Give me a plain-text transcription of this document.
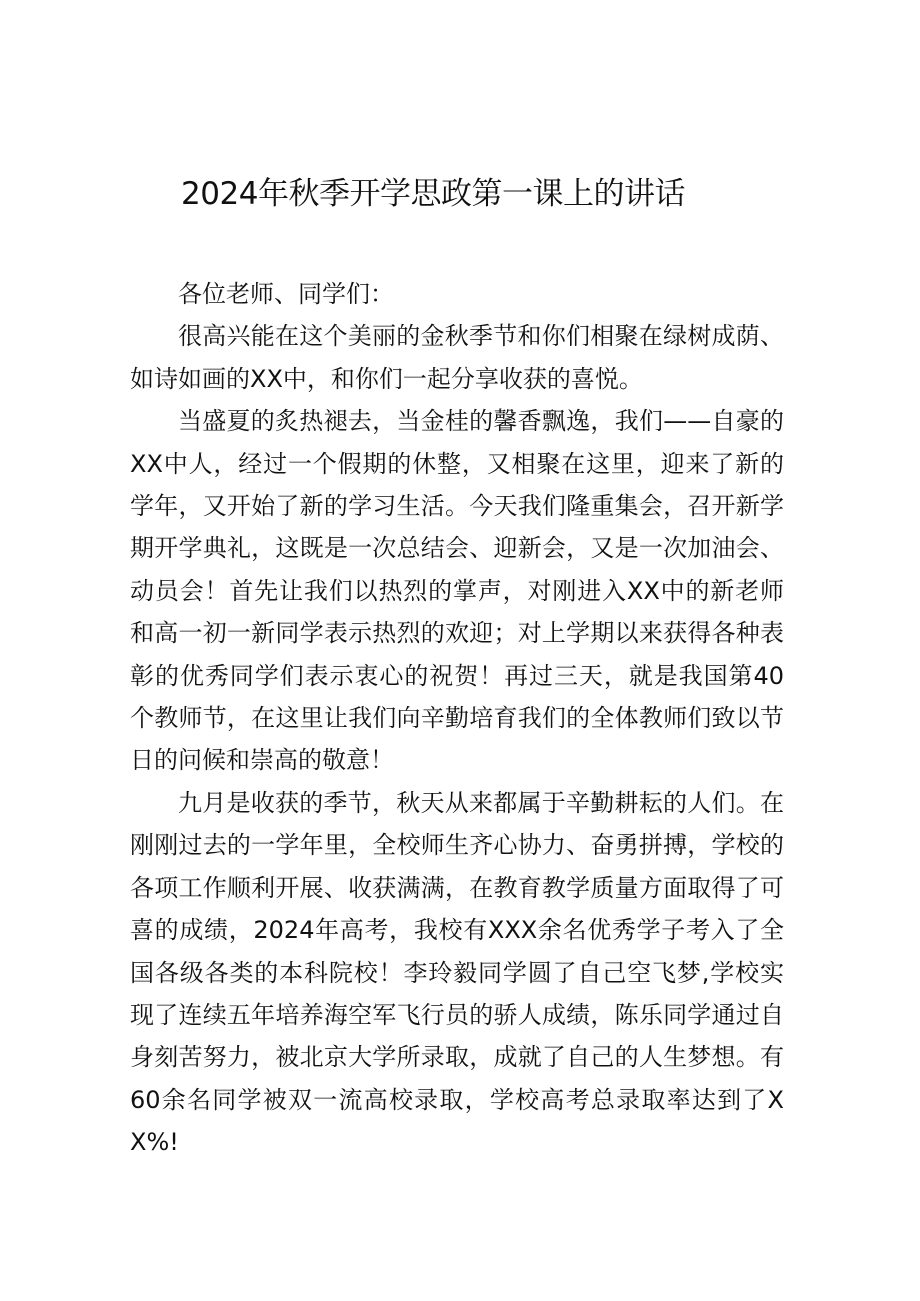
2024年秋季开学思政第一课上的讲话

各位老师、同学们：

很高兴能在这个美丽的金秋季节和你们相聚在绿树成荫、如诗如画的XX中，和你们一起分享收获的喜悦。

当盛夏的炙热褪去，当金桂的馨香飘逸，我们——自豪的XX中人，经过一个假期的休整，又相聚在这里，迎来了新的学年，又开始了新的学习生活。今天我们隆重集会，召开新学期开学典礼，这既是一次总结会、迎新会，又是一次加油会、动员会！首先让我们以热烈的掌声，对刚进入XX中的新老师和高一初一新同学表示热烈的欢迎；对上学期以来获得各种表彰的优秀同学们表示衷心的祝贺！再过三天，就是我国第40个教师节，在这里让我们向辛勤培育我们的全体教师们致以节日的问候和崇高的敬意！

九月是收获的季节，秋天从来都属于辛勤耕耘的人们。在刚刚过去的一学年里，全校师生齐心协力、奋勇拼搏，学校的各项工作顺利开展、收获满满，在教育教学质量方面取得了可喜的成绩，2024年高考，我校有XXX余名优秀学子考入了全国各级各类的本科院校！李玲毅同学圆了自己空飞梦,学校实现了连续五年培养海空军飞行员的骄人成绩，陈乐同学通过自身刻苦努力，被北京大学所录取，成就了自己的人生梦想。有60余名同学被双一流高校录取，学校高考总录取率达到了XX%!
